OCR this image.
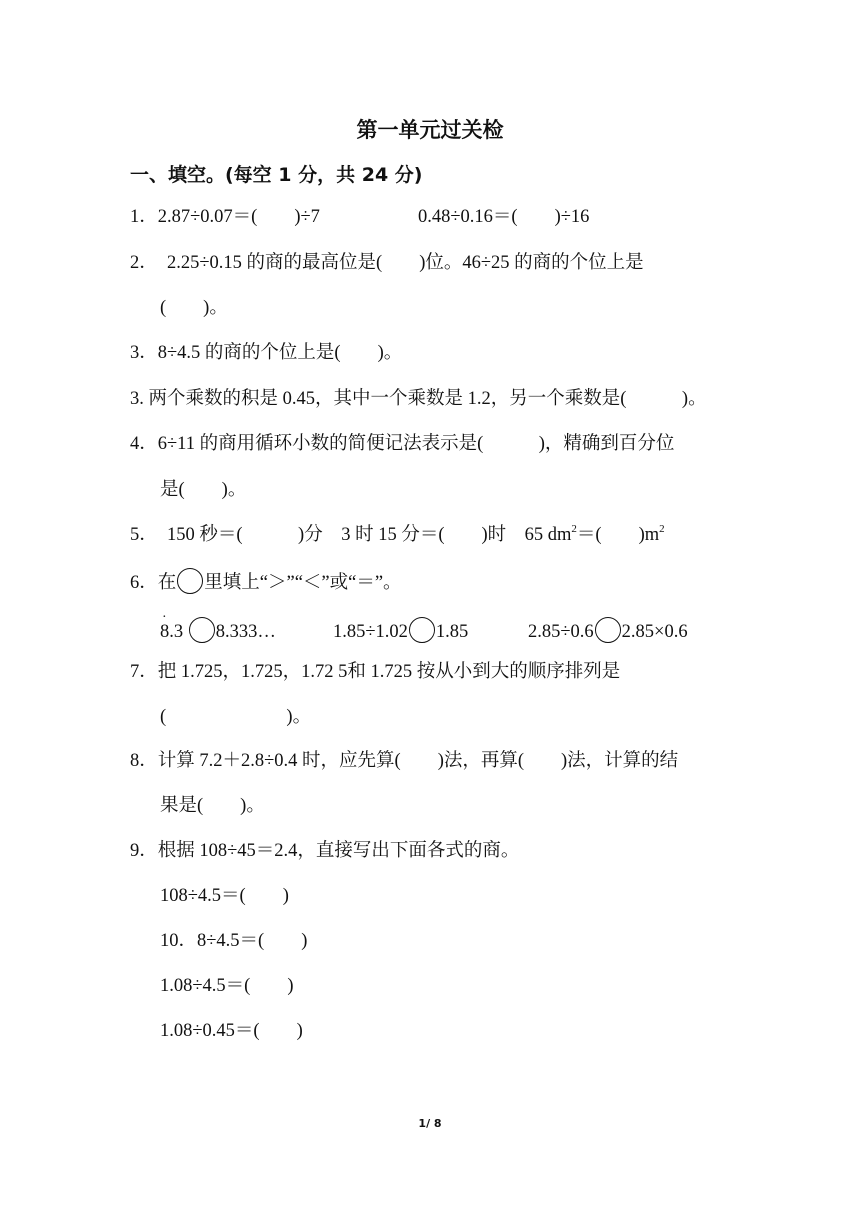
第一单元过关检
一、填空。(每空 1 分，共 24 分)
1．2.87÷0.07＝(        )÷7	0.48÷0.16＝(        )÷16
2．  2.25÷0.15 的商的最高位是(        )位。46÷25 的商的个位上是
(        )。
3．8÷4.5 的商的个位上是(        )。
3. 两个乘数的积是 0.45，其中一个乘数是 1.2，另一个乘数是(            )。
4．6÷11 的商用循环小数的简便记法表示是(            )，精确到百分位
是(        )。
5．  150 秒＝(            )分    3 时 15 分＝(        )时    65 $dm^2=$(        )$m^2$
6．在 里填上“＞”“＜”或“＝”。
· 8.3 8.333…	1.85÷1.02 1.85	2.85÷0.6 2.85×0.6
7．把 1.725，1.725，1.72 5和 1.725 按从小到大的顺序排列是
(                          )。
8．计算 7.2＋2.8÷0.4 时，应先算(        )法，再算(        )法，计算的结
果是(        )。
9．根据 108÷45＝2.4，直接写出下面各式的商。
108÷4.5＝(        )
10．8÷4.5＝(        )
1.08÷4.5＝(        )
1.08÷0.45＝(        )
1/ 8
